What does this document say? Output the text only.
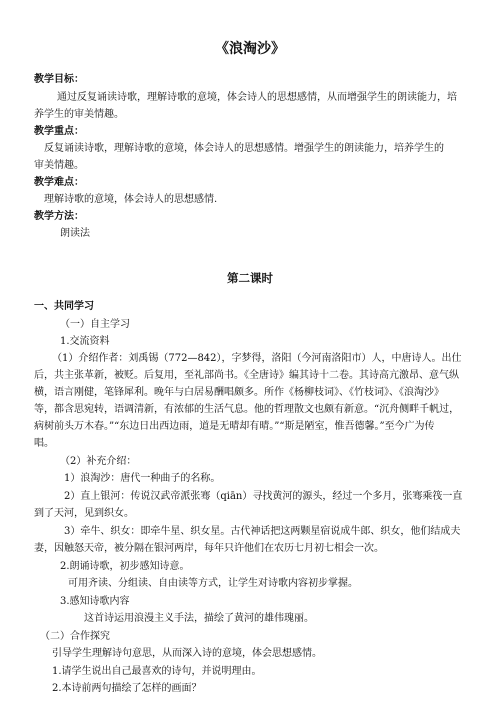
《浪淘沙》
教学目标：
通过反复诵读诗歌，理解诗歌的意境，体会诗人的思想感情，从而增强学生的朗读能力，培
养学生的审美情趣。
教学重点：
反复诵读诗歌，理解诗歌的意境，体会诗人的思想感情。增强学生的朗读能力，培养学生的
审美情趣。
教学难点：
理解诗歌的意境，体会诗人的思想感情.
教学方法：
朗读法
第二课时
一、共同学习
（一）自主学习
1.交流资料
（1）介绍作者：刘禹锡（772—842），字梦得，洛阳（今河南洛阳市）人，中唐诗人。出仕
后，共主张革新，被贬。后复用，至礼部尚书。《全唐诗》编其诗十二卷。其诗高亢激昂、意气纵
横，语言刚健，笔锋犀利。晚年与白居易酬唱颇多。所作《杨柳枝词》、《竹枝词》、《浪淘沙》
等，都含思宛转，语调清新，有浓郁的生活气息。他的哲理散文也颇有新意。“沉舟侧畔千帆过，
病树前头万木春。”“东边日出西边雨，道是无晴却有晴。”“斯是陋室，惟吾德馨。”至今广为传
唱。
（2）补充介绍：
1）浪淘沙：唐代一种曲子的名称。
2）直上银河：传说汉武帝派张骞（qiān）寻找黄河的源头，经过一个多月，张骞乘筏一直
到了天河，见到织女。
3）牵牛、织女：即牵牛星、织女星。古代神话把这两颗星宿说成牛郎、织女，他们结成夫
妻，因触怒天帝，被分隔在银河两岸，每年只许他们在农历七月初七相会一次。
2.朗诵诗歌，初步感知诗意。
可用齐读、分组读、自由读等方式，让学生对诗歌内容初步掌握。
3.感知诗歌内容
这首诗运用浪漫主义手法，描绘了黄河的雄伟瑰丽。
（二）合作探究
引导学生理解诗句意思，从而深入诗的意境，体会思想感情。
1.请学生说出自己最喜欢的诗句，并说明理由。
2.本诗前两句描绘了怎样的画面？
